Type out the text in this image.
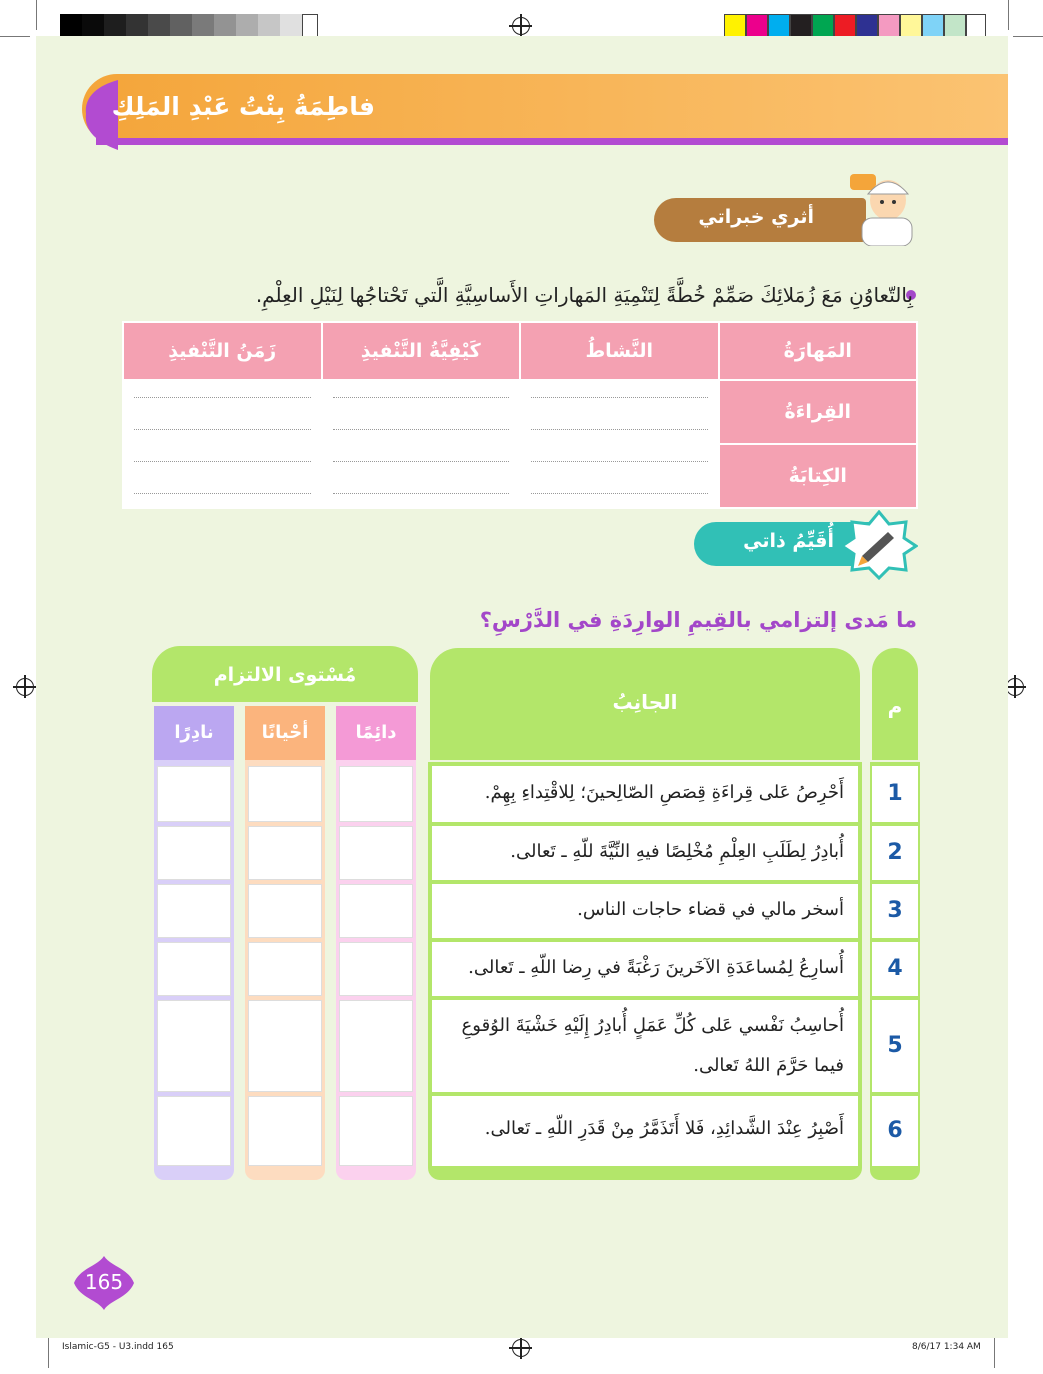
فاطِمَةُ بِنْتُ عَبْدِ المَلِكِ
أثري خبراتي
بِالتّعاوُنِ مَعَ زُمَلائِكَ صَمِّمْ خُطَّةً لِتَنْمِيَةِ المَهاراتِ الأَساسِيَّةِ الَّتي تَحْتاجُها لِنَيْلِ العِلْمِ.
المَهارَةُ	النَّشاطُ	كَيْفِيَّةُ التَّنْفيذِ	زَمَنُ التَّنْفيذِ
القِراءَةُ			

الكِتابَةُ			

أُقَيِّمُ ذاتي
ما مَدى إلتزامي بالقِيمِ الوارِدَةِ في الدَّرْسِ؟
م
الجانِبُ
مُسْتوى الالتزام
دائِمًا
أحْيانًا
نادِرًا
1
أَحْرِصُ عَلى قِراءَةِ قِصَصِ الصّالِحينَ؛ لِلاقْتِداءِ بِهِمْ.
2
أُبادِرُ لِطَلَبِ العِلْمِ مُخْلِصًا فيهِ النِّيَّةَ للّهِ ـ تَعالى.
3
أسخر مالي في قضاء حاجات الناس.
4
أُسارِعُ لِمُساعَدَةِ الآخَرينَ رَغْبَةً في رِضا اللّهِ ـ تَعالى.
5
أُحاسِبُ نَفْسي عَلى كُلِّ عَمَلٍ أُبادِرُ إِلَيْهِ خَشْيَةَ الوُقوعِ
فيما حَرَّمَ اللهُ تَعالى.
6
أَصْبِرُ عِنْدَ الشَّدائِدِ، فَلا أَتَذَمَّرُ مِنْ قَدَرِ اللّهِ ـ تَعالى.
165
Islamic-G5 - U3.indd 165	8/6/17 1:34 AM
